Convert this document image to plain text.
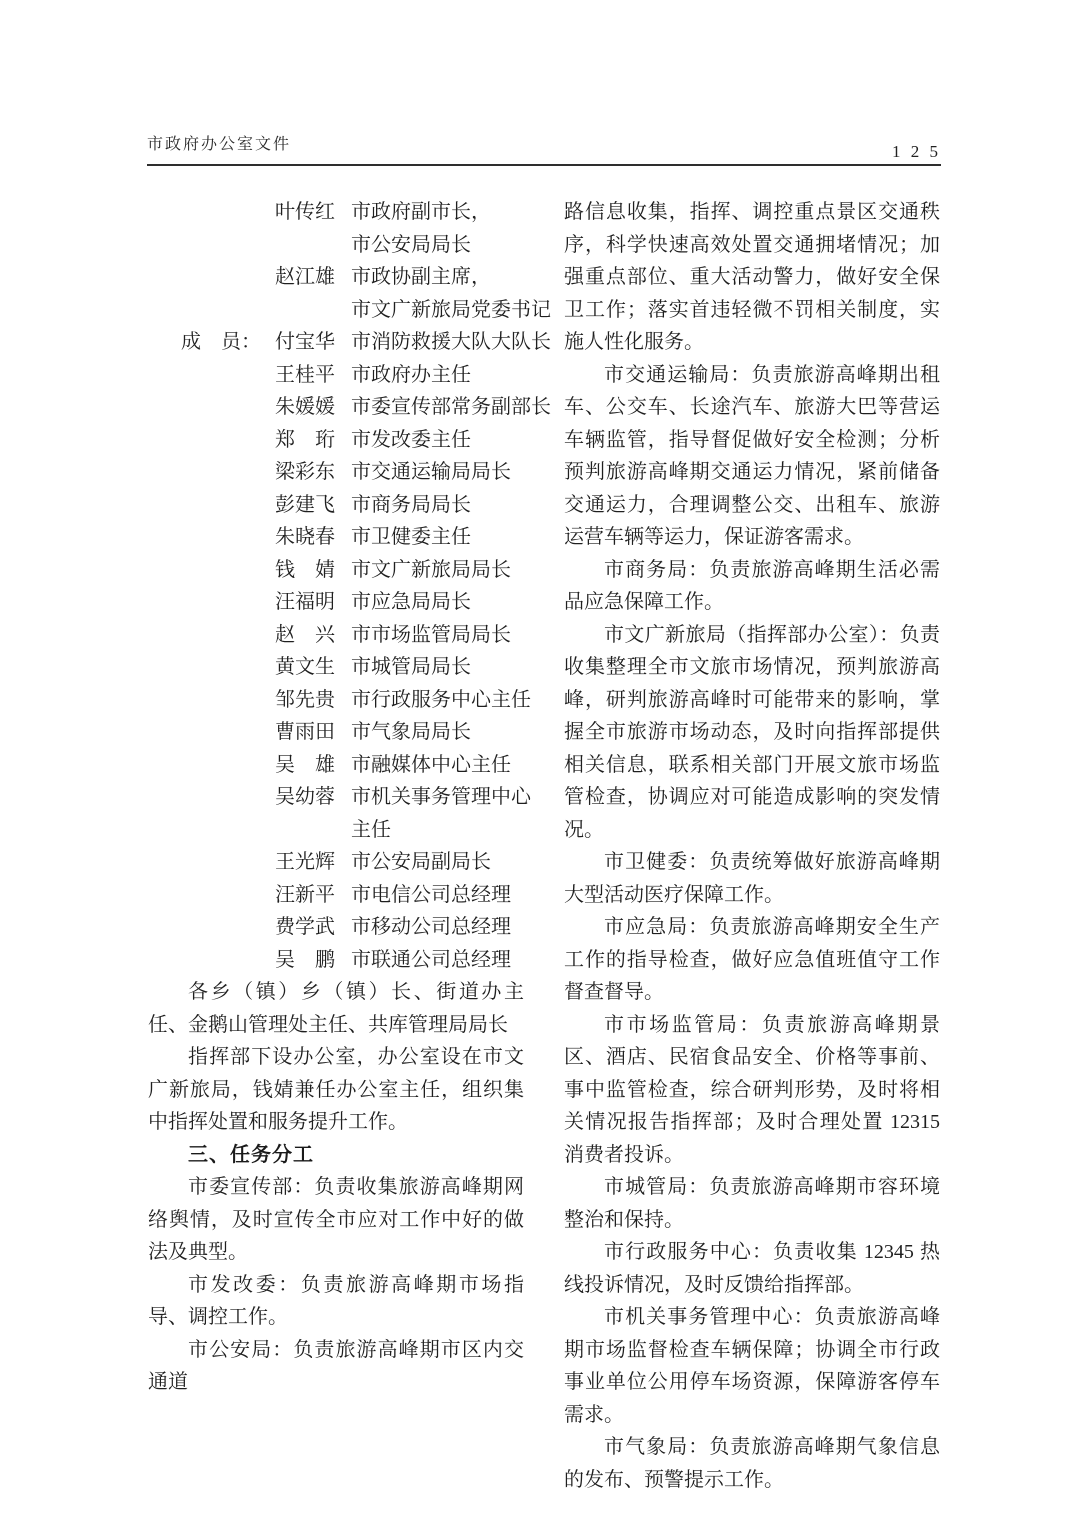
市政府办公室文件	1 2 5
叶传红 市政府副市长，
市公安局局长
赵江雄 市政协副主席，
市文广新旅局党委书记
成　员： 付宝华 市消防救援大队大队长
王桂平 市政府办主任
朱媛媛 市委宣传部常务副部长
郑　珩 市发改委主任
梁彩东 市交通运输局局长
彭建飞 市商务局局长
朱晓春 市卫健委主任
钱　婧 市文广新旅局局长
汪福明 市应急局局长
赵　兴 市市场监管局局长
黄文生 市城管局局长
邹先贵 市行政服务中心主任
曹雨田 市气象局局长
吴　雄 市融媒体中心主任
吴幼蓉 市机关事务管理中心
主任
王光辉 市公安局副局长
汪新平 市电信公司总经理
费学武 市移动公司总经理
吴　鹏 市联通公司总经理

各乡（镇）乡（镇）长、街道办主任、金鹅山管理处主任、共库管理局局长

指挥部下设办公室，办公室设在市文广新旅局，钱婧兼任办公室主任，组织集中指挥处置和服务提升工作。

三、任务分工

市委宣传部：负责收集旅游高峰期网络舆情，及时宣传全市应对工作中好的做法及典型。

市发改委：负责旅游高峰期市场指导、调控工作。

市公安局：负责旅游高峰期市区内交通道

路信息收集，指挥、调控重点景区交通秩序，科学快速高效处置交通拥堵情况；加强重点部位、重大活动警力，做好安全保卫工作；落实首违轻微不罚相关制度，实施人性化服务。

市交通运输局：负责旅游高峰期出租车、公交车、长途汽车、旅游大巴等营运车辆监管，指导督促做好安全检测；分析预判旅游高峰期交通运力情况，紧前储备交通运力，合理调整公交、出租车、旅游运营车辆等运力，保证游客需求。

市商务局：负责旅游高峰期生活必需品应急保障工作。

市文广新旅局（指挥部办公室）：负责收集整理全市文旅市场情况，预判旅游高峰，研判旅游高峰时可能带来的影响，掌握全市旅游市场动态，及时向指挥部提供相关信息，联系相关部门开展文旅市场监管检查，协调应对可能造成影响的突发情况。

市卫健委：负责统筹做好旅游高峰期大型活动医疗保障工作。

市应急局：负责旅游高峰期安全生产工作的指导检查，做好应急值班值守工作督查督导。

市市场监管局：负责旅游高峰期景区、酒店、民宿食品安全、价格等事前、事中监管检查，综合研判形势，及时将相关情况报告指挥部；及时合理处置 12315 消费者投诉。

市城管局：负责旅游高峰期市容环境整治和保持。

市行政服务中心：负责收集 12345 热线投诉情况，及时反馈给指挥部。

市机关事务管理中心：负责旅游高峰期市场监督检查车辆保障；协调全市行政事业单位公用停车场资源，保障游客停车需求。

市气象局：负责旅游高峰期气象信息的发布、预警提示工作。
